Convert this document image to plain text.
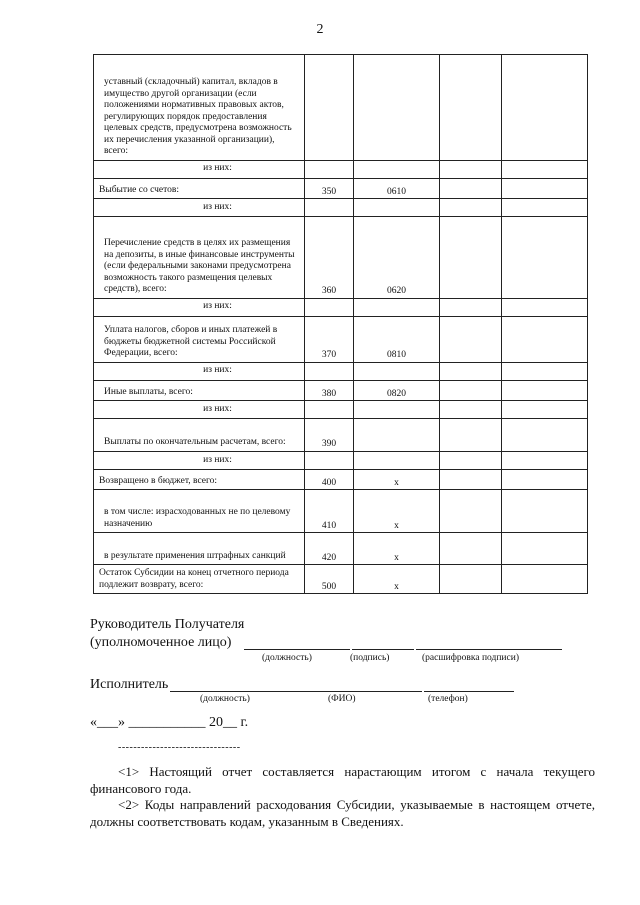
2
уставный (складочный) капитал, вкладов в имущество другой организации (если положениями нормативных правовых актов, регулирующих порядок предоставления целевых средств, предусмотрена возможность их перечисления указанной организации), всего:				
из них:				
Выбытие со счетов:	350	0610		
из них:				
Перечисление средств в целях их размещения на депозиты, в иные финансовые инструменты (если федеральными законами предусмотрена возможность такого размещения целевых средств), всего:	360	0620		
из них:				
Уплата налогов, сборов и иных платежей в бюджеты бюджетной системы Российской Федерации, всего:	370	0810		
из них:				
Иные выплаты, всего:	380	0820		
из них:				
Выплаты по окончательным расчетам, всего:	390			
из них:				
Возвращено в бюджет, всего:	400	x		
в том числе: израсходованных не по целевому назначению	410	x		
в результате применения штрафных санкций	420	x		
Остаток Субсидии на конец отчетного периода подлежит возврату, всего:	500	x		
Руководитель Получателя
(уполномоченное лицо)
(должность)	(подпись)	(расшифровка подписи)
Исполнитель
(должность)	(ФИО)	(телефон)
«___» ___________ 20__ г.
--------------------------------
<1> Настоящий отчет составляется нарастающим итогом с начала текущего финансового года.
<2> Коды направлений расходования Субсидии, указываемые в настоящем отчете, должны соответствовать кодам, указанным в Сведениях.
